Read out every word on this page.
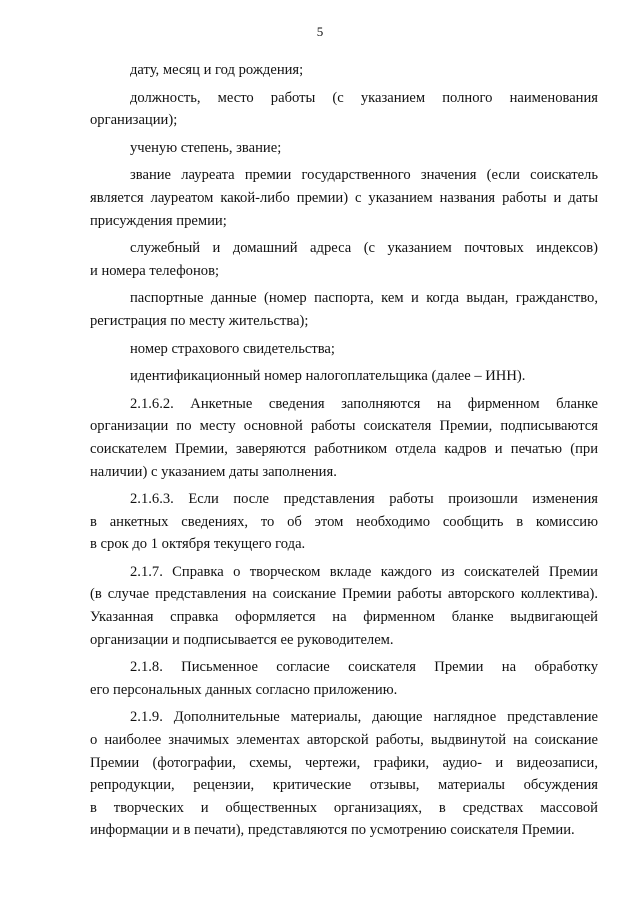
5
дату, месяц и год рождения;
должность, место работы (с указанием полного наименования
организации);
ученую степень, звание;
звание лауреата премии государственного значения (если соискатель
является лауреатом какой-либо премии) с указанием названия работы и даты
присуждения премии;
служебный и домашний адреса (с указанием почтовых индексов)
и номера телефонов;
паспортные данные (номер паспорта, кем и когда выдан, гражданство,
регистрация по месту жительства);
номер страхового свидетельства;
идентификационный номер налогоплательщика (далее – ИНН).
2.1.6.2. Анкетные сведения заполняются на фирменном бланке
организации по месту основной работы соискателя Премии, подписываются
соискателем Премии, заверяются работником отдела кадров и печатью (при
наличии) с указанием даты заполнения.
2.1.6.3. Если после представления работы произошли изменения
в анкетных сведениях, то об этом необходимо сообщить в комиссию
в срок до 1 октября текущего года.
2.1.7. Справка о творческом вкладе каждого из соискателей Премии
(в случае представления на соискание Премии работы авторского коллектива).
Указанная справка оформляется на фирменном бланке выдвигающей
организации и подписывается ее руководителем.
2.1.8. Письменное согласие соискателя Премии на обработку
его персональных данных согласно приложению.
2.1.9. Дополнительные материалы, дающие наглядное представление
о наиболее значимых элементах авторской работы, выдвинутой на соискание
Премии (фотографии, схемы, чертежи, графики, аудио- и видеозаписи,
репродукции, рецензии, критические отзывы, материалы обсуждения
в творческих и общественных организациях, в средствах массовой
информации и в печати), представляются по усмотрению соискателя Премии.
